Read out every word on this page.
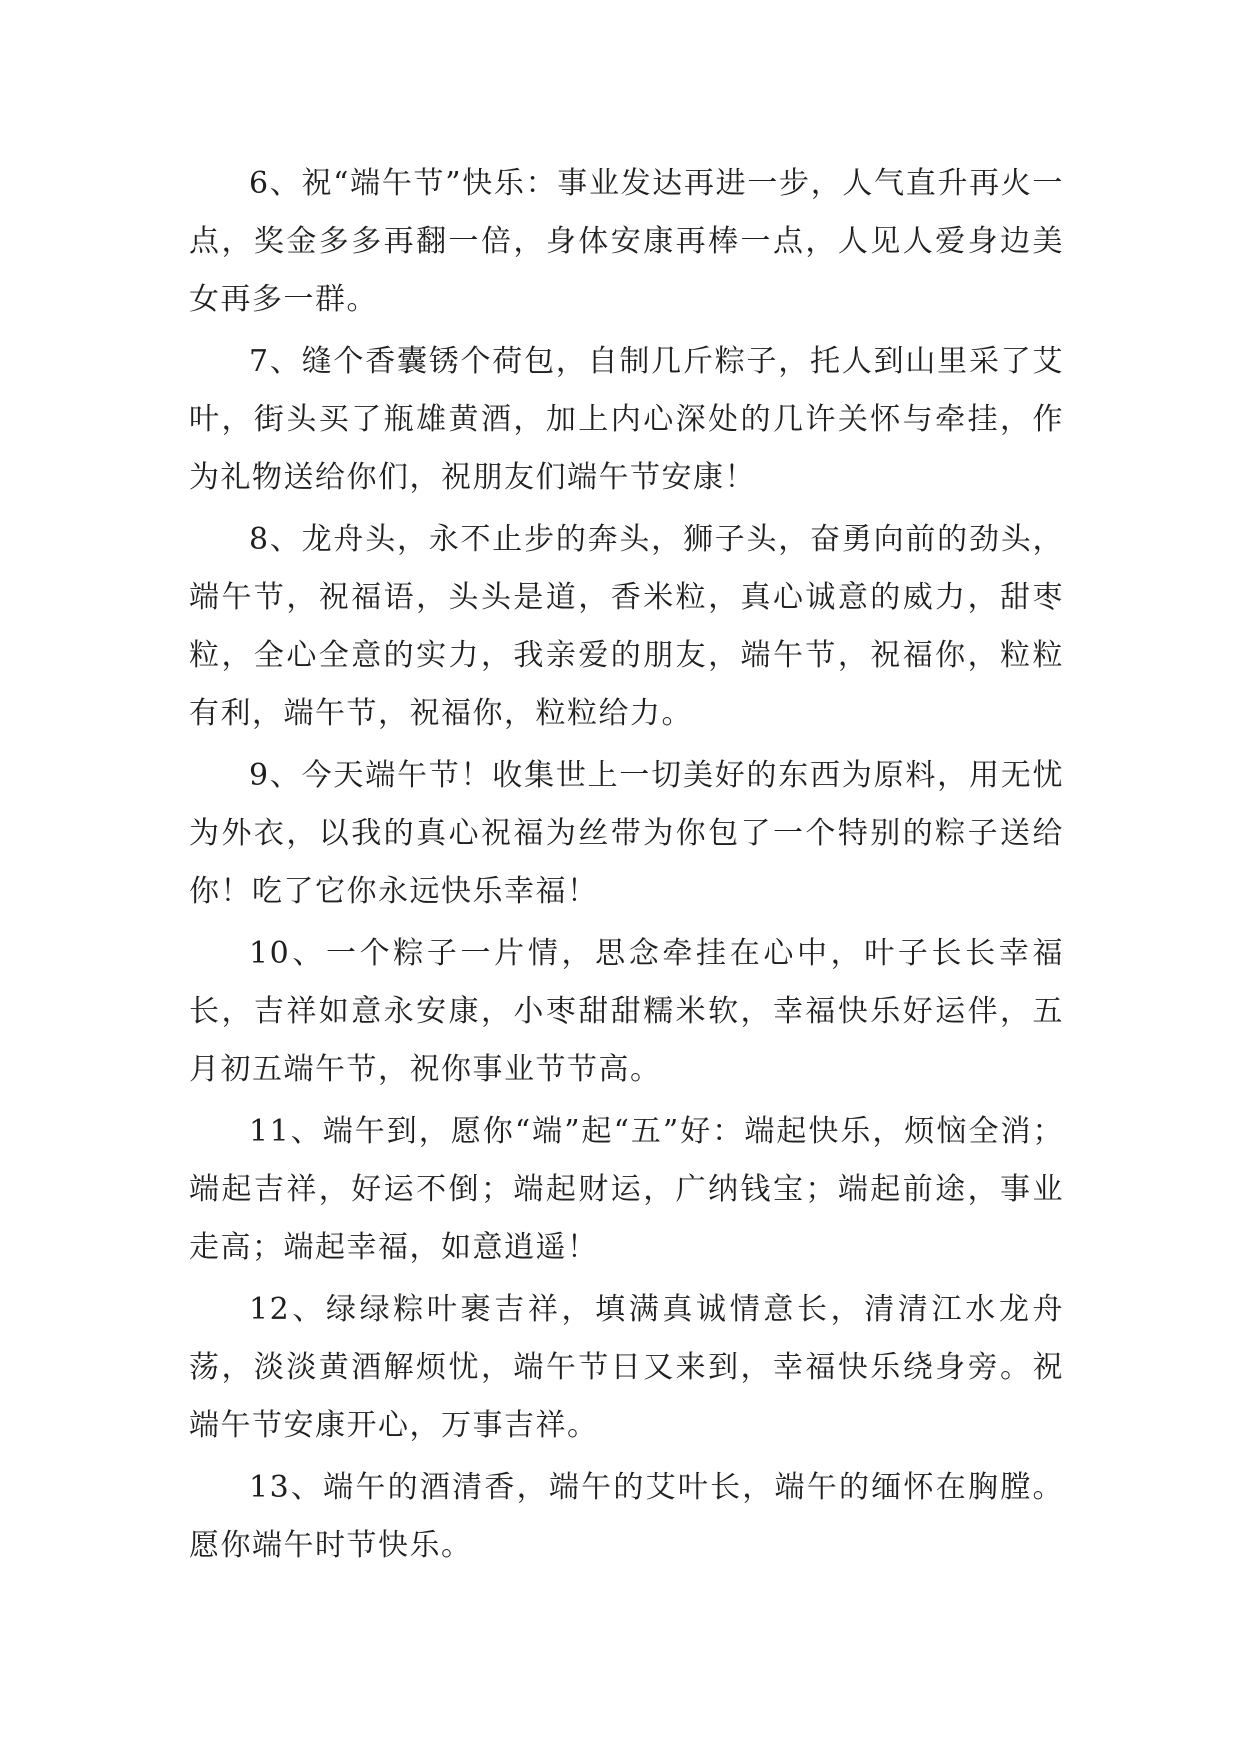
6、祝“端午节”快乐：事业发达再进一步，人气直升再火一点，奖金多多再翻一倍，身体安康再棒一点，人见人爱身边美女再多一群。

7、缝个香囊锈个荷包，自制几斤粽子，托人到山里采了艾叶，街头买了瓶雄黄酒，加上内心深处的几许关怀与牵挂，作为礼物送给你们，祝朋友们端午节安康！

8、龙舟头，永不止步的奔头，狮子头，奋勇向前的劲头，端午节，祝福语，头头是道，香米粒，真心诚意的威力，甜枣粒，全心全意的实力，我亲爱的朋友，端午节，祝福你，粒粒有利，端午节，祝福你，粒粒给力。

9、今天端午节！收集世上一切美好的东西为原料，用无忧为外衣，以我的真心祝福为丝带为你包了一个特别的粽子送给你！吃了它你永远快乐幸福！

10、一个粽子一片情，思念牵挂在心中，叶子长长幸福长，吉祥如意永安康，小枣甜甜糯米软，幸福快乐好运伴，五月初五端午节，祝你事业节节高。

11、端午到，愿你“端”起“五”好：端起快乐，烦恼全消；端起吉祥，好运不倒；端起财运，广纳钱宝；端起前途，事业走高；端起幸福，如意逍遥！

12、绿绿粽叶裹吉祥，填满真诚情意长，清清江水龙舟荡，淡淡黄酒解烦忧，端午节日又来到，幸福快乐绕身旁。祝端午节安康开心，万事吉祥。

13、端午的酒清香，端午的艾叶长，端午的缅怀在胸膛。愿你端午时节快乐。
